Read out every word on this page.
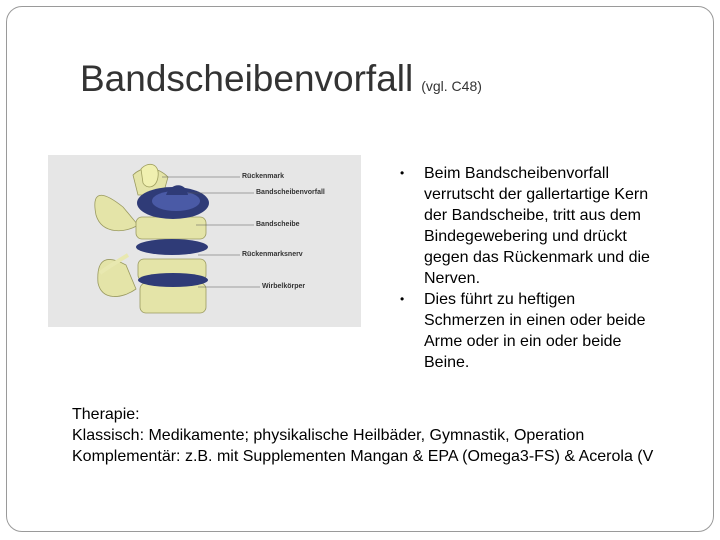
Bandscheibenvorfall (vgl. C48)
Rückenmark
Bandscheibenvorfall
Bandscheibe
Rückenmarksnerv
Wirbelkörper

• Beim Bandscheibenvorfall verrutscht der gallertartige Kern der Bandscheibe, tritt aus dem Bindegewebering und drückt gegen das Rückenmark und die Nerven.

• Dies führt zu heftigen Schmerzen in einen oder beide Arme oder in ein oder beide Beine.

Therapie:
Klassisch: Medikamente; physikalische Heilbäder, Gymnastik, Operation
Komplementär: z.B. mit Supplementen Mangan & EPA (Omega3-FS) & Acerola (V
